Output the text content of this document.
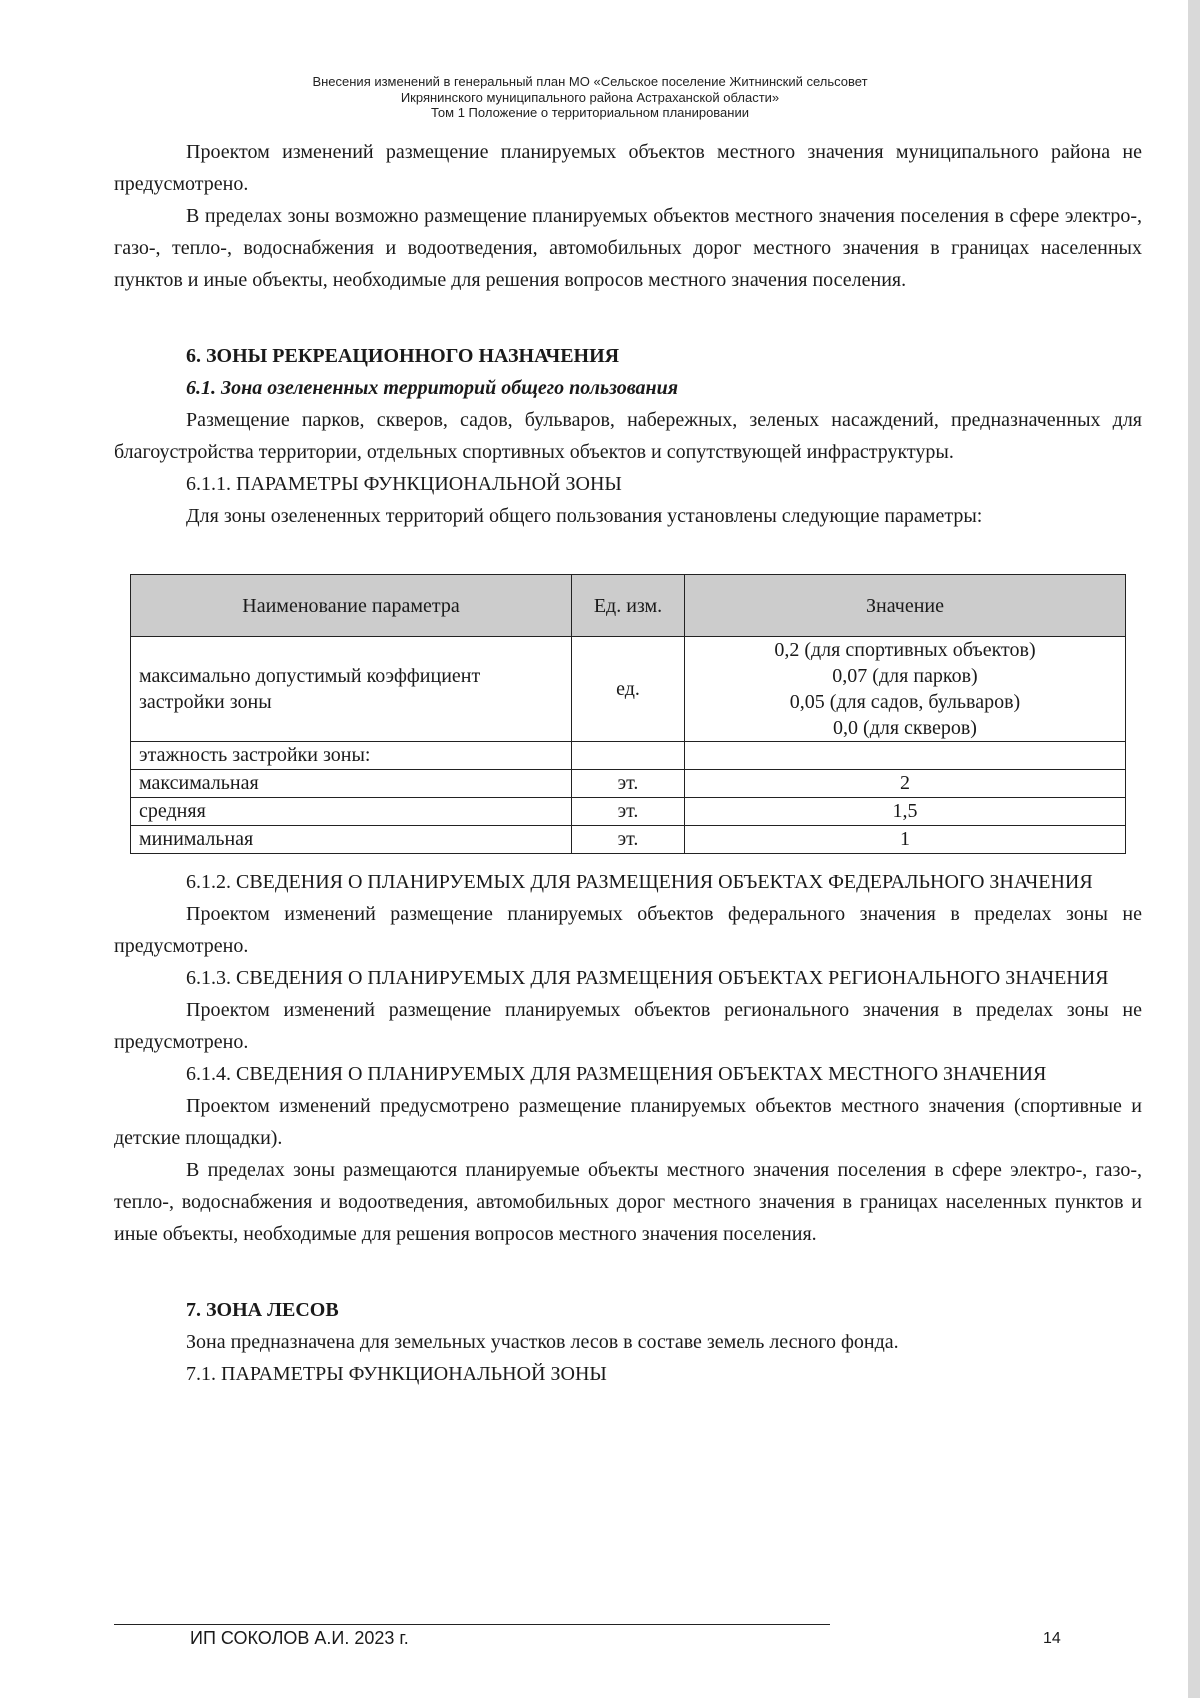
Внесения изменений в генеральный план МО «Сельское поселение Житнинский сельсовет
Икрянинского муниципального района Астраханской области»
Том 1 Положение о территориальном планировании

Проектом изменений размещение планируемых объектов местного значения муниципального района не предусмотрено.

В пределах зоны возможно размещение планируемых объектов местного значения поселения в сфере электро-, газо-, тепло-, водоснабжения и водоотведения, автомобильных дорог местного значения в границах населенных пунктов и иные объекты, необходимые для решения вопросов местного значения поселения.

6. ЗОНЫ РЕКРЕАЦИОННОГО НАЗНАЧЕНИЯ

6.1. Зона озелененных территорий общего пользования

Размещение парков, скверов, садов, бульваров, набережных, зеленых насаждений, предназначенных для благоустройства территории, отдельных спортивных объектов и сопутствующей инфраструктуры.

6.1.1. ПАРАМЕТРЫ ФУНКЦИОНАЛЬНОЙ ЗОНЫ

Для зоны озелененных территорий общего пользования установлены следующие параметры:

Наименование параметра	Ед. изм.	Значение
максимально допустимый коэффициент застройки зоны	ед.	0,2 (для спортивных объектов)
0,07 (для парков)
0,05 (для садов, бульваров)
0,0 (для скверов)

этажность застройки зоны:		
максимальная	эт.	2
средняя	эт.	1,5
минимальная	эт.	1

6.1.2. СВЕДЕНИЯ О ПЛАНИРУЕМЫХ ДЛЯ РАЗМЕЩЕНИЯ ОБЪЕКТАХ ФЕДЕРАЛЬНОГО ЗНАЧЕНИЯ

Проектом изменений размещение планируемых объектов федерального значения в пределах зоны не предусмотрено.

6.1.3. СВЕДЕНИЯ О ПЛАНИРУЕМЫХ ДЛЯ РАЗМЕЩЕНИЯ ОБЪЕКТАХ РЕГИОНАЛЬНОГО ЗНАЧЕНИЯ

Проектом изменений размещение планируемых объектов регионального значения в пределах зоны не предусмотрено.

6.1.4. СВЕДЕНИЯ О ПЛАНИРУЕМЫХ ДЛЯ РАЗМЕЩЕНИЯ ОБЪЕКТАХ МЕСТНОГО ЗНАЧЕНИЯ

Проектом изменений предусмотрено размещение планируемых объектов местного значения (спортивные и детские площадки).

В пределах зоны размещаются планируемые объекты местного значения поселения в сфере электро-, газо-, тепло-, водоснабжения и водоотведения, автомобильных дорог местного значения в границах населенных пунктов и иные объекты, необходимые для решения вопросов местного значения поселения.

7. ЗОНА ЛЕСОВ

Зона предназначена для земельных участков лесов в составе земель лесного фонда.

7.1. ПАРАМЕТРЫ ФУНКЦИОНАЛЬНОЙ ЗОНЫ

ИП СОКОЛОВ А.И. 2023 г.	14
